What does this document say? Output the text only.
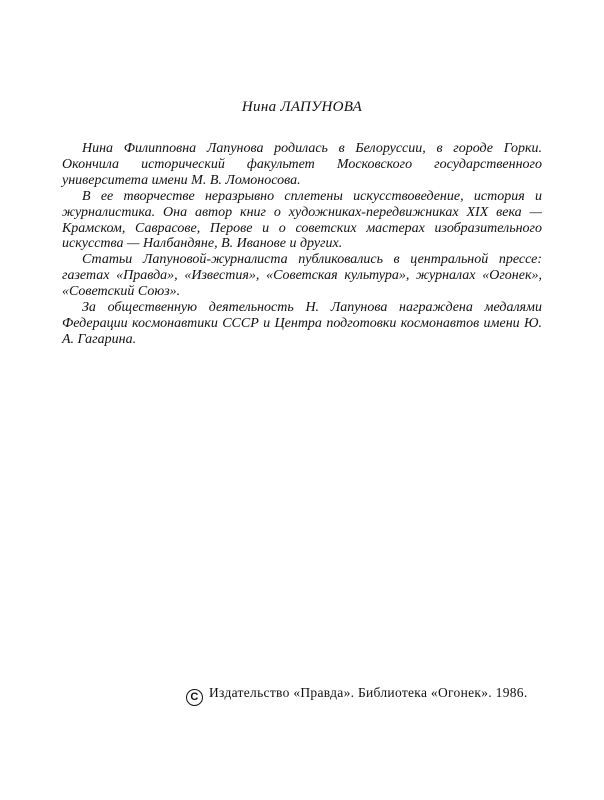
Нина ЛАПУНОВА

Нина Филипповна Лапунова родилась в Белоруссии, в городе Горки. Окончила исторический факультет Московского государственного университета имени М. В. Ломоносова.

В ее творчестве неразрывно сплетены искусствоведение, история и журналистика. Она автор книг о художниках-передвижниках XIX века — Крамском, Саврасове, Перове и о советских мастерах изобразительного искусства — Налбандяне, В. Иванове и других.

Статьи Лапуновой-журналиста публиковались в центральной прессе: газетах «Правда», «Известия», «Советская культура», журналах «Огонек», «Советский Союз».

За общественную деятельность Н. Лапунова награждена медалями Федерации космонавтики СССР и Центра подготовки космонавтов имени Ю. А. Гагарина.

C Издательство «Правда». Библиотека «Огонек». 1986.
